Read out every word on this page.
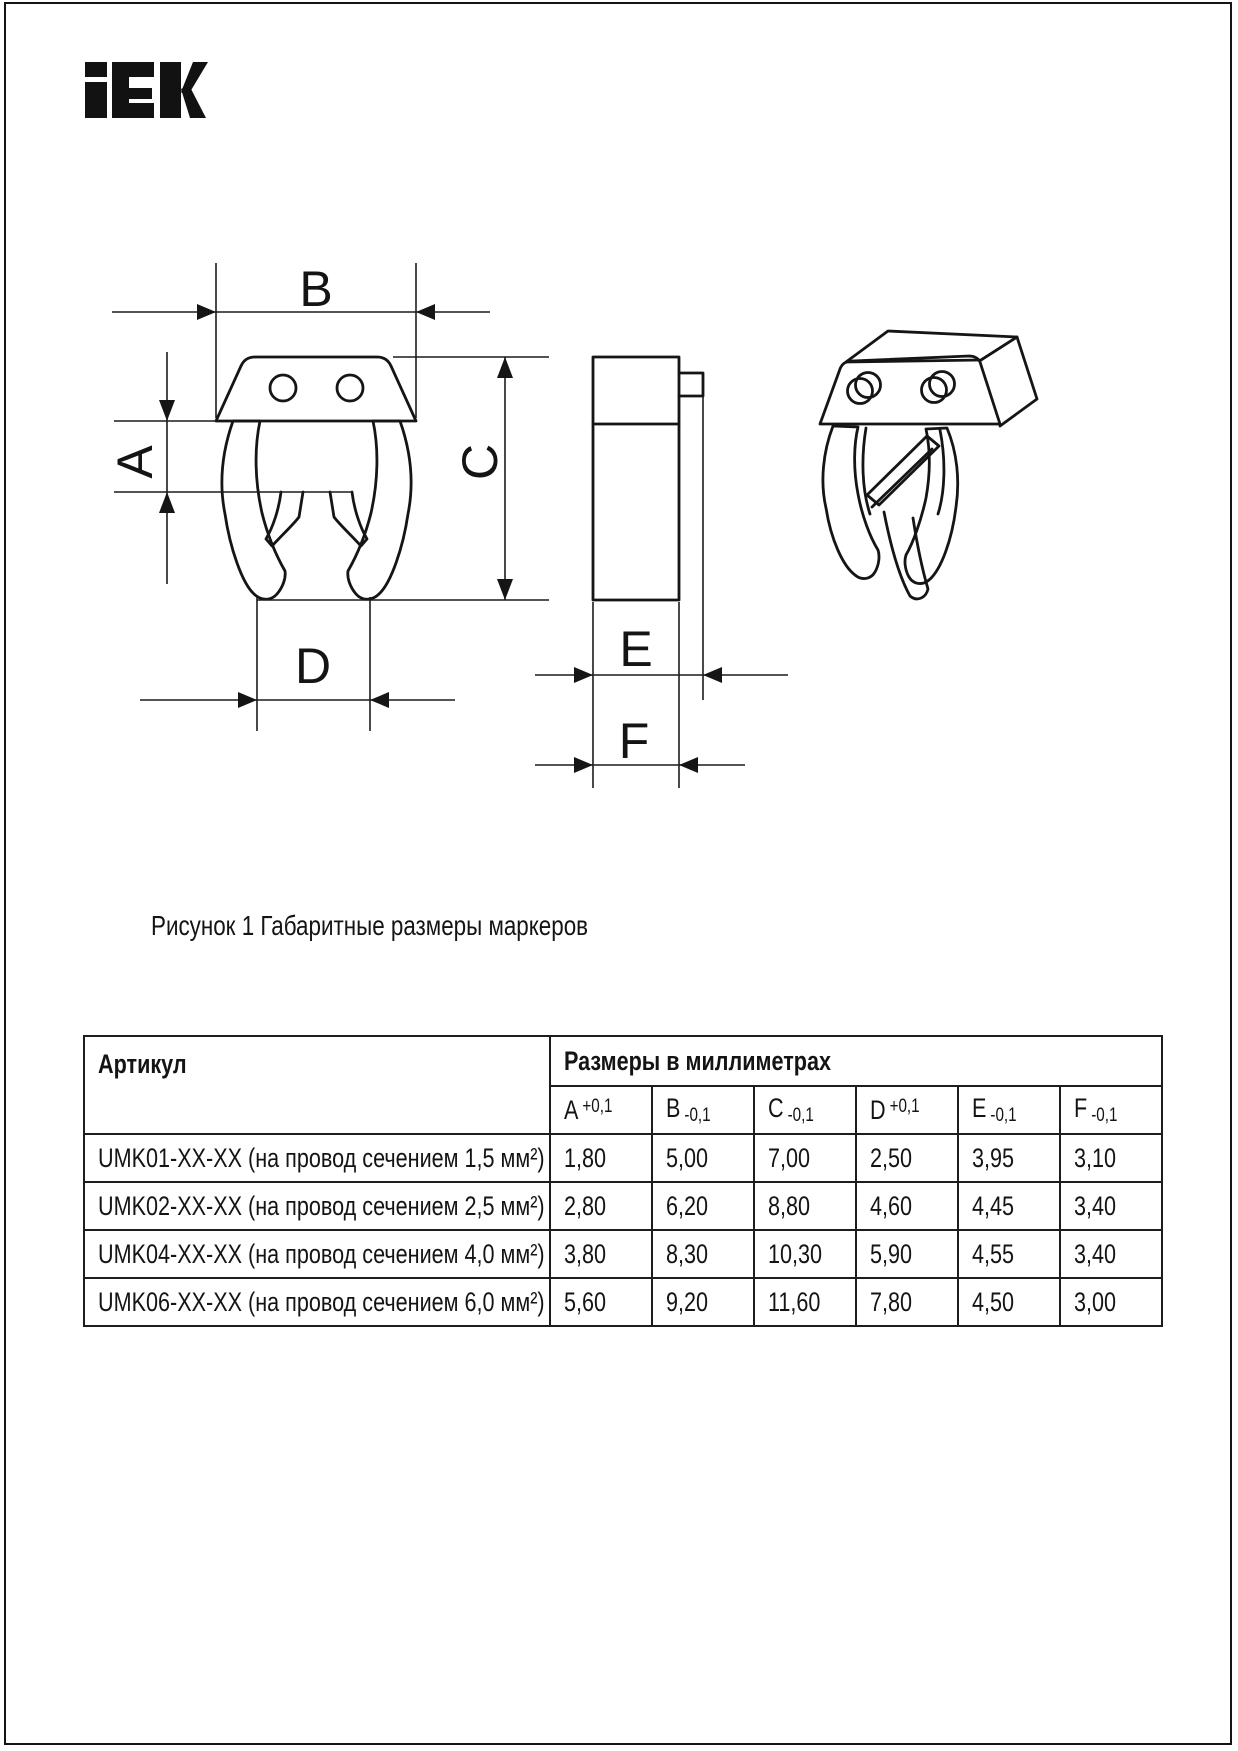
B
A	C
D	E
F

Рисунок 1 Габаритные размеры маркеров

Артикул	Размеры в миллиметрах					
	A $^{+0,1}$	B -0,1	C -0,1	D $^{+0,1}$	E -0,1	F -0,1
UMK01-XX-XX (на провод сечением 1,5 мм²)	1,80	5,00	7,00	2,50	3,95	3,10
UMK02-XX-XX (на провод сечением 2,5 мм²)	2,80	6,20	8,80	4,60	4,45	3,40
UMK04-XX-XX (на провод сечением 4,0 мм²)	3,80	8,30	10,30	5,90	4,55	3,40
UMK06-XX-XX (на провод сечением 6,0 мм²)	5,60	9,20	11,60	7,80	4,50	3,00
